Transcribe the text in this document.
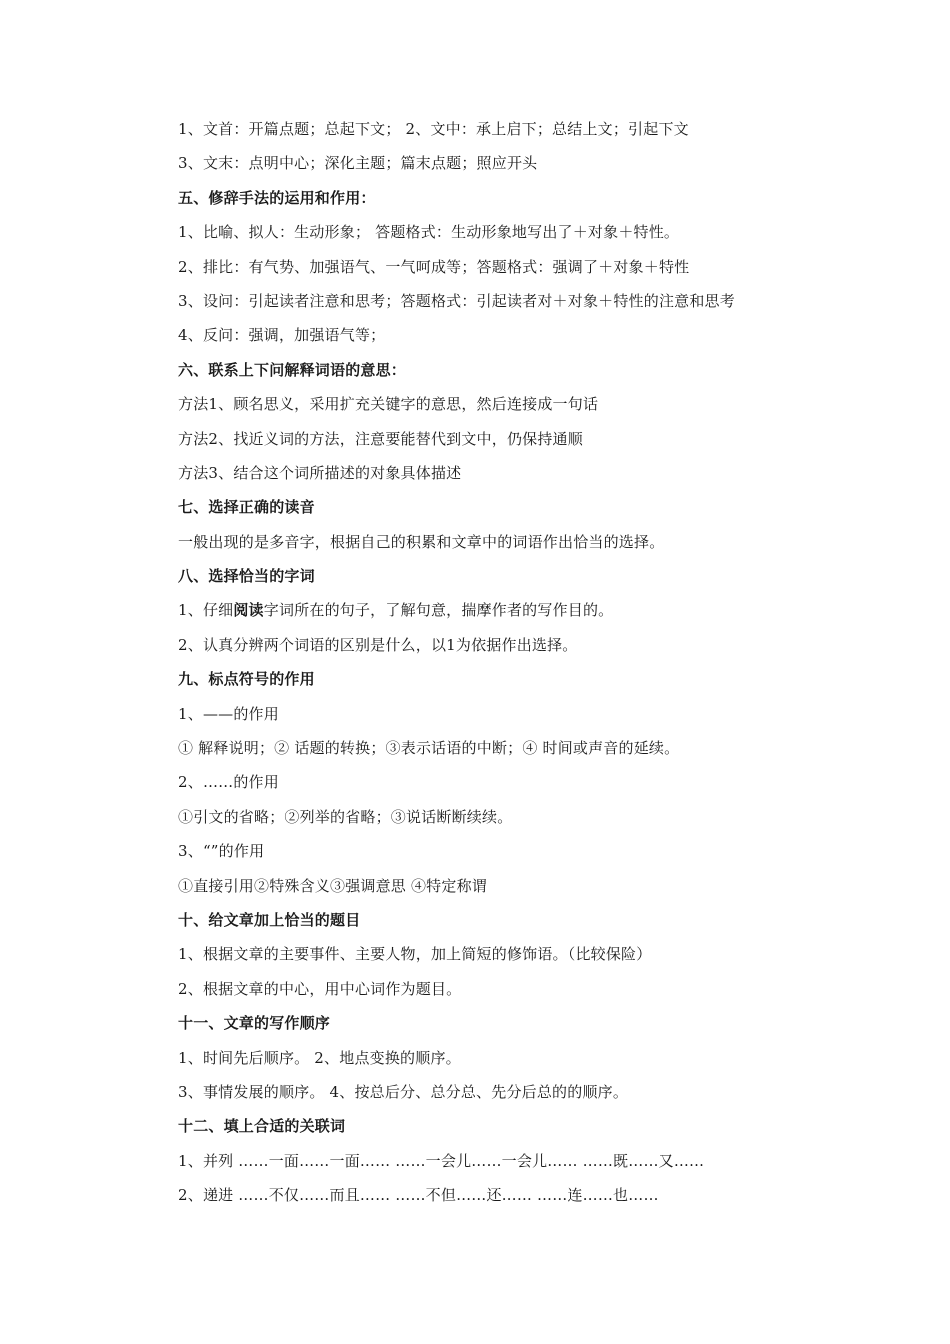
1、文首：开篇点题；总起下文； 2、文中：承上启下；总结上文；引起下文
3、文末：点明中心；深化主题；篇末点题；照应开头
五、修辞手法的运用和作用：
1、比喻、拟人：生动形象； 答题格式：生动形象地写出了＋对象＋特性。
2、排比：有气势、加强语气、一气呵成等；答题格式：强调了＋对象＋特性
3、设问：引起读者注意和思考；答题格式：引起读者对＋对象＋特性的注意和思考
4、反问：强调，加强语气等；
六、联系上下问解释词语的意思：
方法1、顾名思义，采用扩充关键字的意思，然后连接成一句话
方法2、找近义词的方法，注意要能替代到文中，仍保持通顺
方法3、结合这个词所描述的对象具体描述
七、选择正确的读音
一般出现的是多音字，根据自己的积累和文章中的词语作出恰当的选择。
八、选择恰当的字词
1、仔细阅读字词所在的句子，了解句意，揣摩作者的写作目的。
2、认真分辨两个词语的区别是什么，以1为依据作出选择。
九、标点符号的作用
1、——的作用
① 解释说明；② 话题的转换；③表示话语的中断；④ 时间或声音的延续。
2、……的作用
①引文的省略；②列举的省略；③说话断断续续。
3、“”的作用
①直接引用②特殊含义③强调意思 ④特定称谓
十、给文章加上恰当的题目
1、根据文章的主要事件、主要人物，加上简短的修饰语。（比较保险）
2、根据文章的中心，用中心词作为题目。
十一、文章的写作顺序
1、时间先后顺序。 2、地点变换的顺序。
3、事情发展的顺序。 4、按总后分、总分总、先分后总的的顺序。
十二、填上合适的关联词
1、并列 ……一面……一面…… ……一会儿……一会儿…… ……既……又……
2、递进 ……不仅……而且…… ……不但……还…… ……连……也……
